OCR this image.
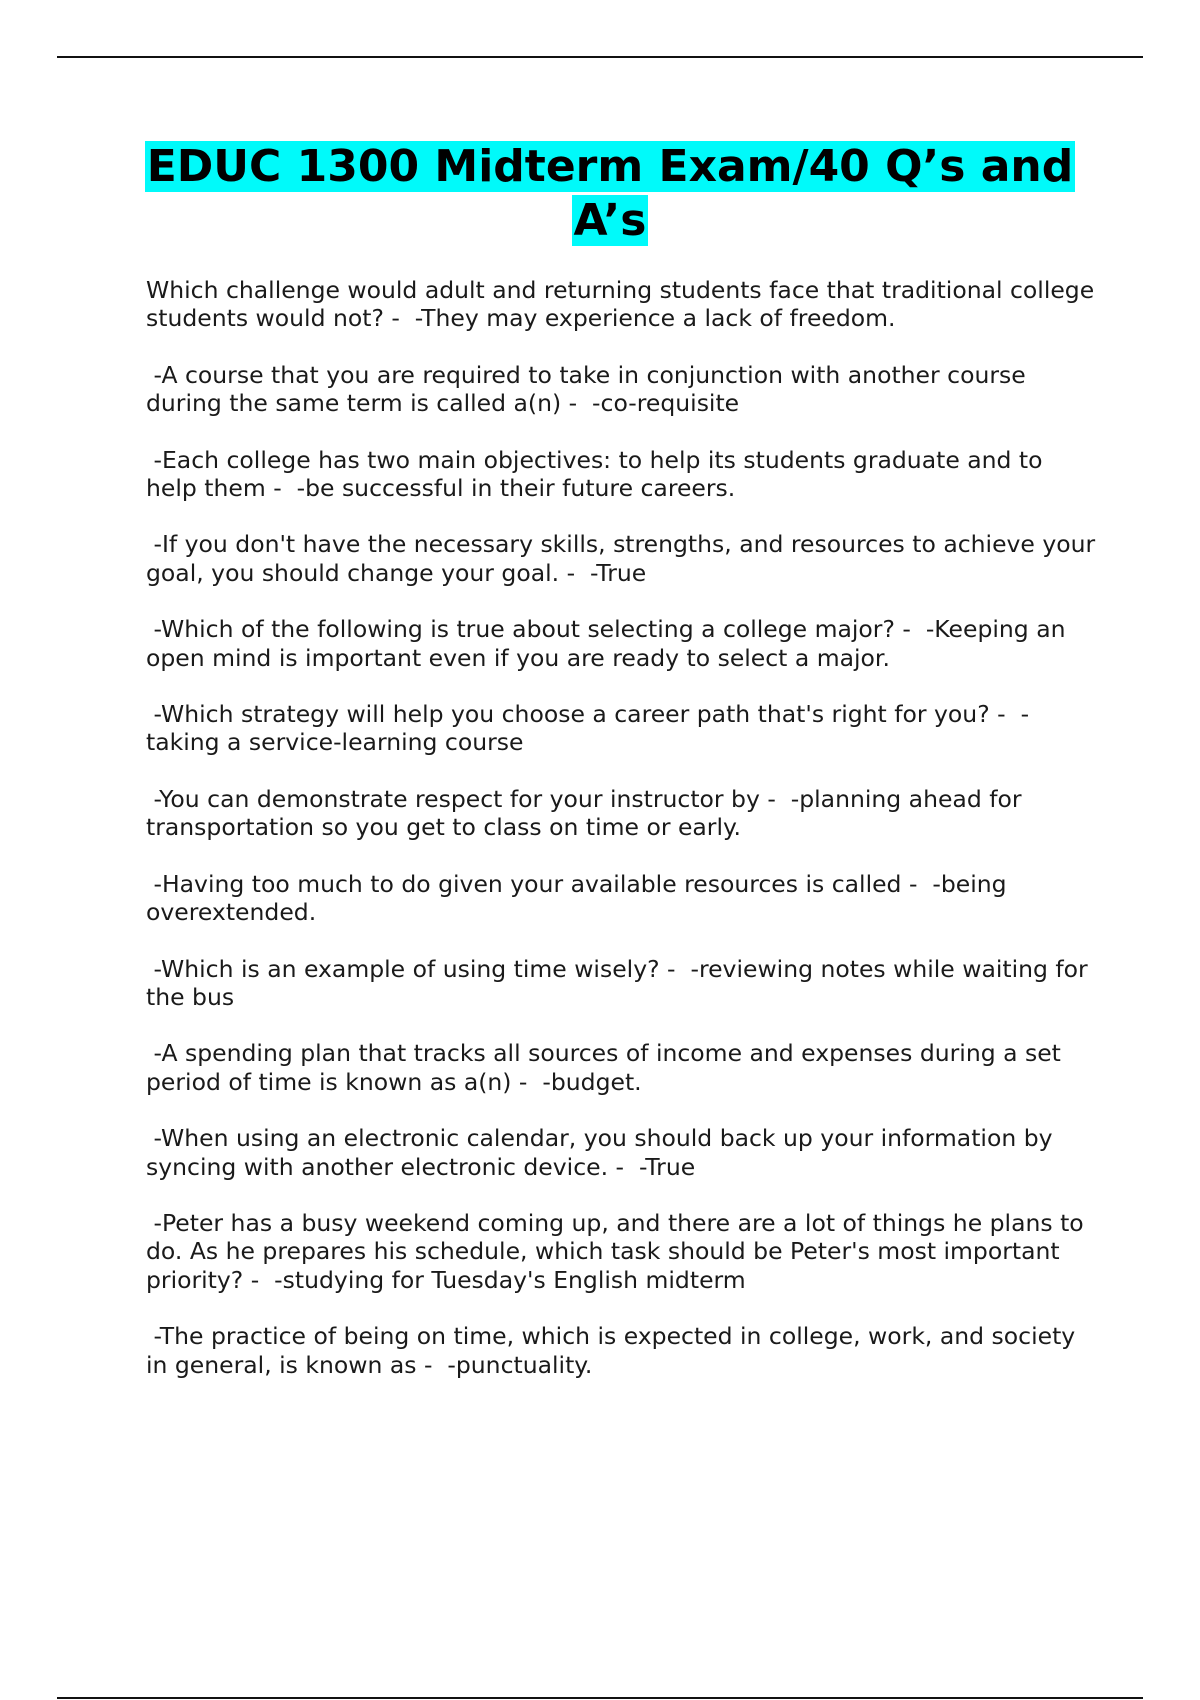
EDUC 1300 Midterm Exam/40 Q’s and A’s
Which challenge would adult and returning students face that traditional college students would not? -  -They may experience a lack of freedom.
-A course that you are required to take in conjunction with another course during the same term is called a(n) -  -co-requisite
-Each college has two main objectives: to help its students graduate and to help them -  -be successful in their future careers.
-If you don't have the necessary skills, strengths, and resources to achieve your goal, you should change your goal. -  -True
-Which of the following is true about selecting a college major? -  -Keeping an open mind is important even if you are ready to select a major.
-Which strategy will help you choose a career path that's right for you? -  -taking a service-learning course
-You can demonstrate respect for your instructor by -  -planning ahead for transportation so you get to class on time or early.
-Having too much to do given your available resources is called -  -being overextended.
-Which is an example of using time wisely? -  -reviewing notes while waiting for the bus
-A spending plan that tracks all sources of income and expenses during a set period of time is known as a(n) -  -budget.
-When using an electronic calendar, you should back up your information by syncing with another electronic device. -  -True
-Peter has a busy weekend coming up, and there are a lot of things he plans to do. As he prepares his schedule, which task should be Peter's most important priority? -  -studying for Tuesday's English midterm
-The practice of being on time, which is expected in college, work, and society in general, is known as -  -punctuality.
